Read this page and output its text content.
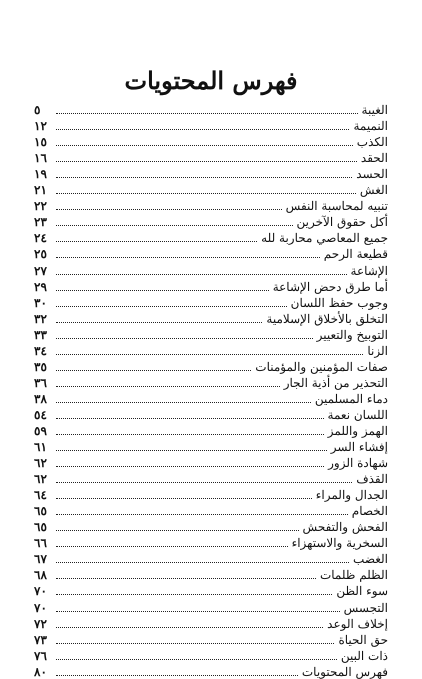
فهرس المحتويات
الغيبة
٥
النميمة
١٢
الكذب
١٥
الحقد
١٦
الحسد
١٩
الغش
٢١
تنبيه لمحاسبة النفس
٢٢
أكل حقوق الآخرين
٢٣
جميع المعاصي محاربة لله
٢٤
قطيعة الرحم
٢٥
الإشاعة
٢٧
أما طرق دحض الإشاعة
٢٩
وجوب حفظ اللسان
٣٠
التخلق بالأخلاق الإسلامية
٣٢
التوبيخ والتعيير
٣٣
الزنا
٣٤
صفات المؤمنين والمؤمنات
٣٥
التحذير من أذية الجار
٣٦
دماء المسلمين
٣٨
اللسان نعمة
٥٤
الهمز واللمز
٥٩
إفشاء السر
٦١
شهادة الزور
٦٢
القذف
٦٢
الجدال والمراء
٦٤
الخصام
٦٥
الفحش والتفحش
٦٥
السخرية والاستهزاء
٦٦
الغضب
٦٧
الظلم ظلمات
٦٨
سوء الظن
٧٠
التجسس
٧٠
إخلاف الوعد
٧٢
حق الحياة
٧٣
ذات البين
٧٦
فهرس المحتويات
٨٠
